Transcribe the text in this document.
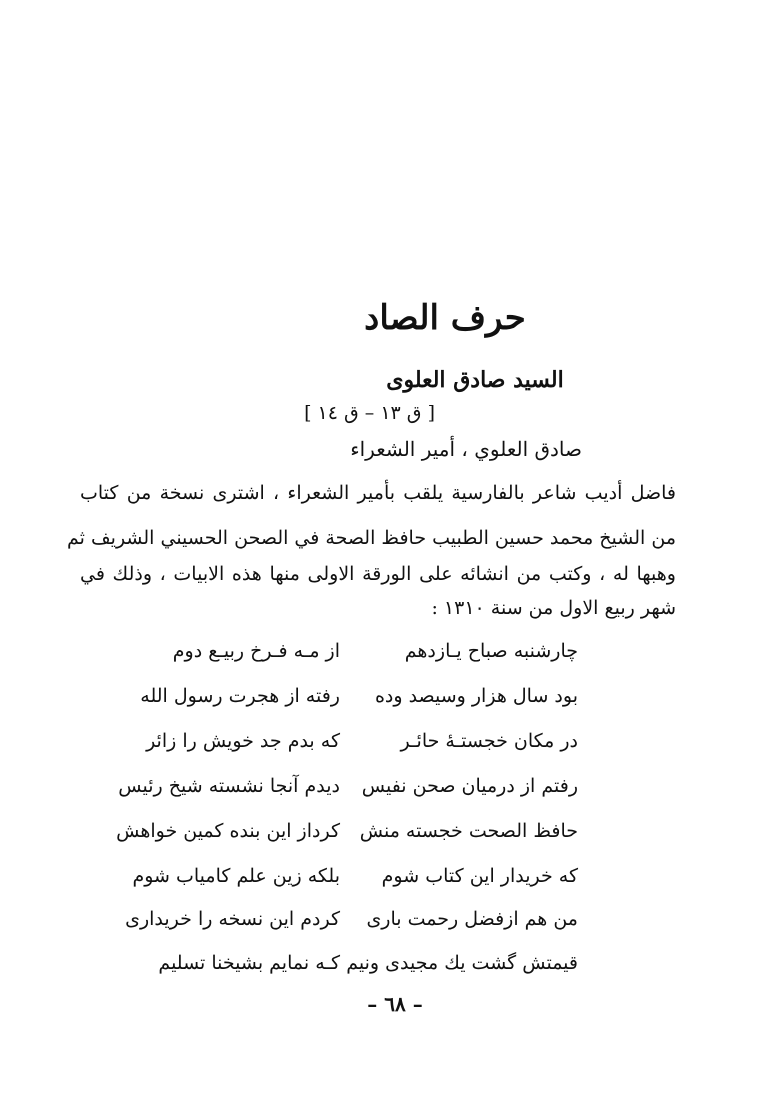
حرف الصاد
السيد صادق العلوى
[ ق ١٣ – ق ١٤ ]
صادق العلوي ، أمير الشعراء
فاضل أديب شاعر بالفارسية يلقب بأمير الشعراء ، اشترى نسخة من كتاب
من الشيخ محمد حسين الطبيب حافظ الصحة في الصحن الحسيني الشريف ثم
وهبها له ، وكتب من انشائه على الورقة الاولى منها هذه الابيات ، وذلك في
شهر ربيع الاول من سنة ١٣١٠ :
چارشنبه صباح يـازدهم
از مـه فـرخ ربيـع دوم
بود سال هزار وسيصد وده
رفته از هجرت رسول الله
در مكان خجستـهٔ حائـر
كه بدم جد خويش را زائر
رفتم از درميان صحن نفيس
ديدم آنجا نشسته شيخ رئيس
حافظ الصحت خجسته منش
كرداز اين بنده كمين خواهش
كه خريدار اين كتاب شوم
بلكه زين علم كامياب شوم
من هم ازفضل رحمت بارى
كردم اين نسخه را خريدارى
قيمتش گشت يك مجيدى ونيم
كـه نمايم بشيخنا تسليم
– ٦٨ –
